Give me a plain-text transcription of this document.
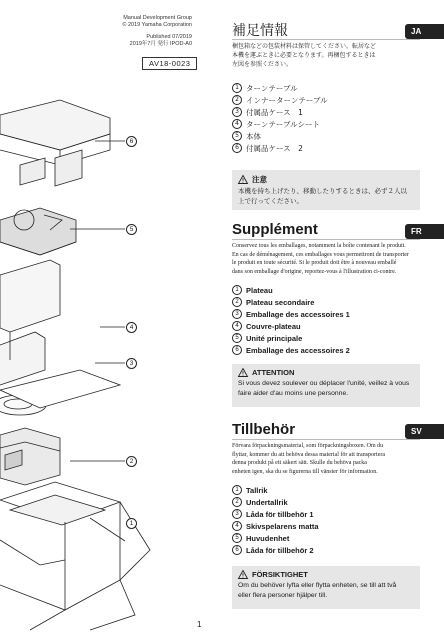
Manual Development Group
© 2019 Yamaha Corporation
Published 07/2019
2019年7月 発行 IPOD-A0
AV18-0023
6
5
4
3
2
1
補足情報	JA
梱包箱などの包装材料は保管してください。転居など
本機を運ぶときに必要となります。再梱包するときは
左図を参照ください。
1 ターンテーブル
2 インナーターンテーブル
3 付属品ケース　1
4 ターンテーブルシート
5 本体
6 付属品ケース　2
注意
本機を持ち上げたり、移動したりするときは、必ず２人以
上で行ってください。
Supplément	FR
Conservez tous les emballages, notamment la boîte contenant le produit.
En cas de déménagement, ces emballages vous permettront de transporter
le produit en toute sécurité. Si le produit doit être à nouveau emballé
dans son emballage d'origine, reportez-vous à l'illustration ci-contre.
1 Plateau
2 Plateau secondaire
3 Emballage des accessoires 1
4 Couvre-plateau
5 Unité principale
6 Emballage des accessoires 2
ATTENTION
Si vous devez soulever ou déplacer l'unité, veillez à vous
faire aider d'au moins une personne.
Tillbehör	SV
Förvara förpackningsmaterial, som förpackningsboxen. Om du
flyttar, kommer du att behöva dessa material för att transportera
denna produkt på ett säkert sätt. Skulle du behöva packa
enheten igen, ska du se figurerna till vänster för information.
1 Tallrik
2 Undertallrik
3 Låda för tillbehör 1
4 Skivspelarens matta
5 Huvudenhet
6 Låda för tillbehör 2
FÖRSIKTIGHET
Om du behöver lyfta eller flytta enheten, se till att två
eller flera personer hjälper till.
1
